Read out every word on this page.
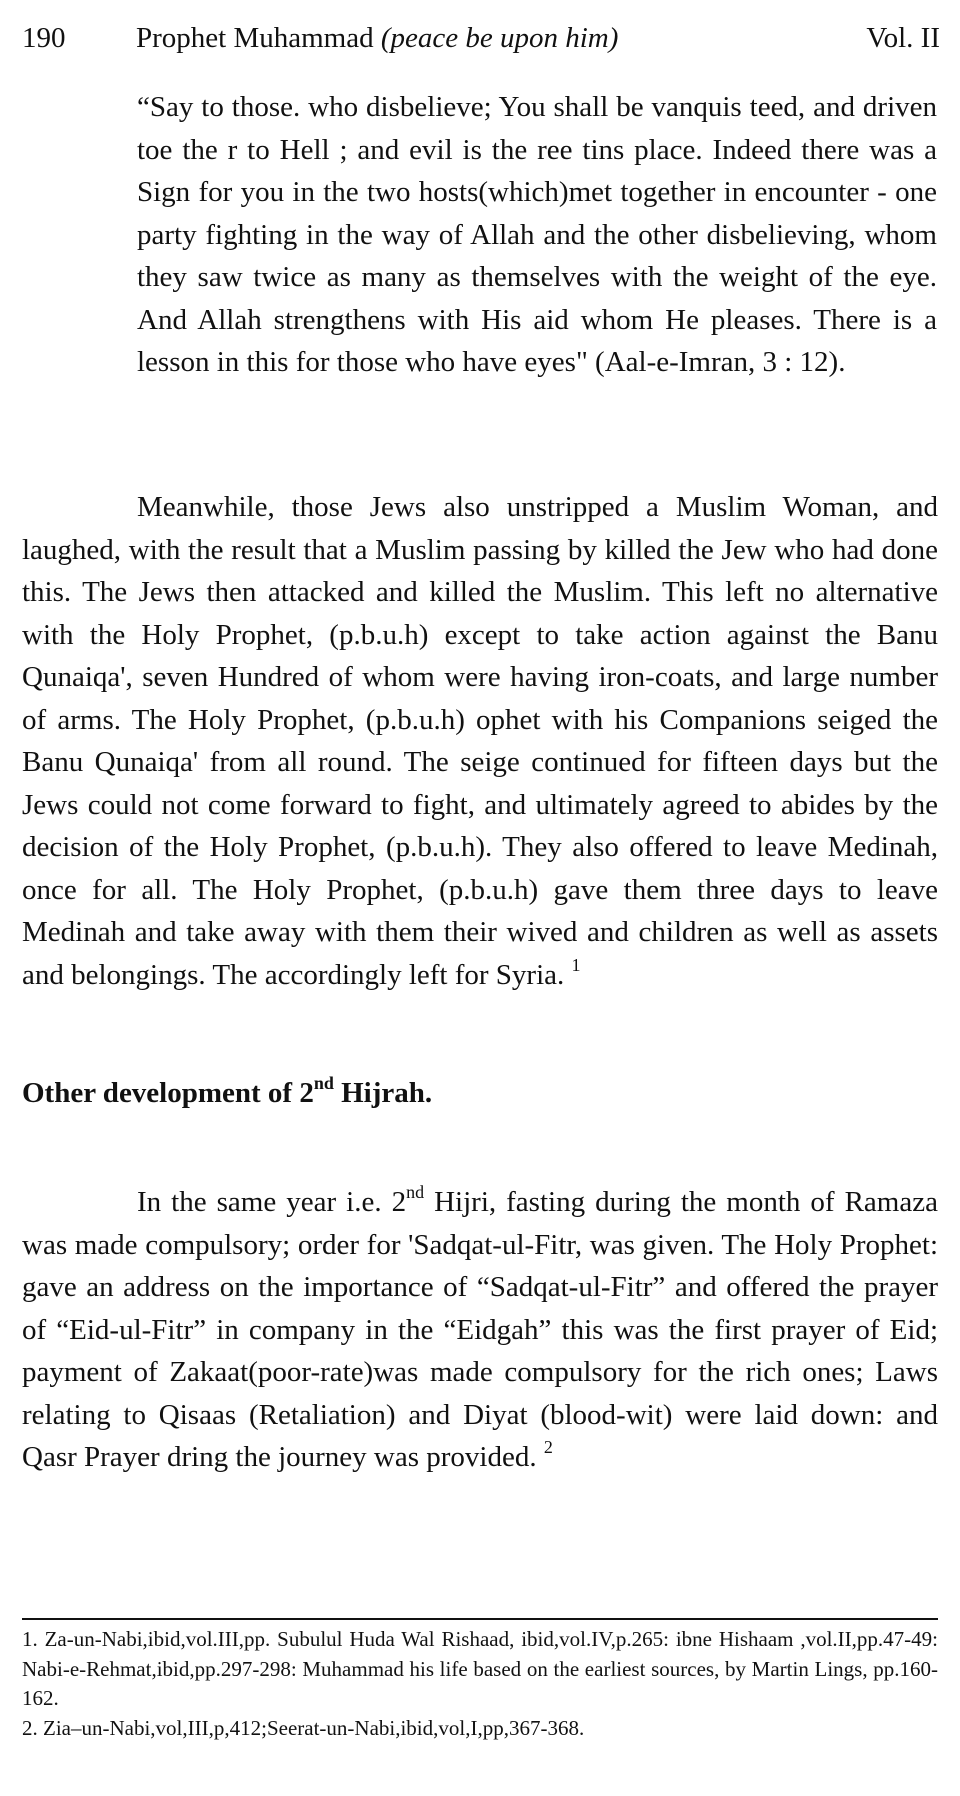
190 Prophet Muhammad (peace be upon him)	Vol. II

“Say to those. who disbelieve; You shall be vanquis teed, and driven toe the r to Hell ; and evil is the ree tins place. Indeed there was a Sign for you in the two hosts(which)met together in encounter - one party fighting in the way of Allah and the other disbelieving, whom they saw twice as many as themselves with the weight of the eye. And Allah strengthens with His aid whom He pleases. There is a lesson in this for those who have eyes" (Aal-e-Imran, 3 : 12).

Meanwhile, those Jews also unstripped a Muslim Woman, and laughed, with the result that a Muslim passing by killed the Jew who had done this. The Jews then attacked and killed the Muslim. This left no alternative with the Holy Prophet, (p.b.u.h) except to take action against the Banu Qunaiqa', seven Hundred of whom were having iron-coats, and large number of arms. The Holy Prophet, (p.b.u.h) ophet with his Companions seiged the Banu Qunaiqa' from all round. The seige continued for fifteen days but the Jews could not come forward to fight, and ultimately agreed to abides by the decision of the Holy Prophet, (p.b.u.h). They also offered to leave Medinah, once for all. The Holy Prophet, (p.b.u.h) gave them three days to leave Medinah and take away with them their wived and children as well as assets and belongings. The accordingly left for Syria. $^1$

Other development of 2nd Hijrah.

In the same year i.e. 2nd Hijri, fasting during the month of Ramaza was made compulsory; order for 'Sadqat-ul-Fitr, was given. The Holy Prophet: gave an address on the importance of “Sadqat-ul-Fitr” and offered the prayer of “Eid-ul-Fitr” in company in the “Eidgah” this was the first prayer of Eid; payment of Zakaat(poor-rate)was made compulsory for the rich ones; Laws relating to Qisaas (Retaliation) and Diyat (blood-wit) were laid down: and Qasr Prayer dring the journey was provided. $^2$

1. Za-un-Nabi,ibid,vol.III,pp. Subulul Huda Wal Rishaad, ibid,vol.IV,p.265: ibne Hishaam ,vol.II,pp.47-49: Nabi-e-Rehmat,ibid,pp.297-298: Muhammad his life based on the earliest sources, by Martin Lings, pp.160-162.

2. Zia–un-Nabi,vol,III,p,412;Seerat-un-Nabi,ibid,vol,I,pp,367-368.
